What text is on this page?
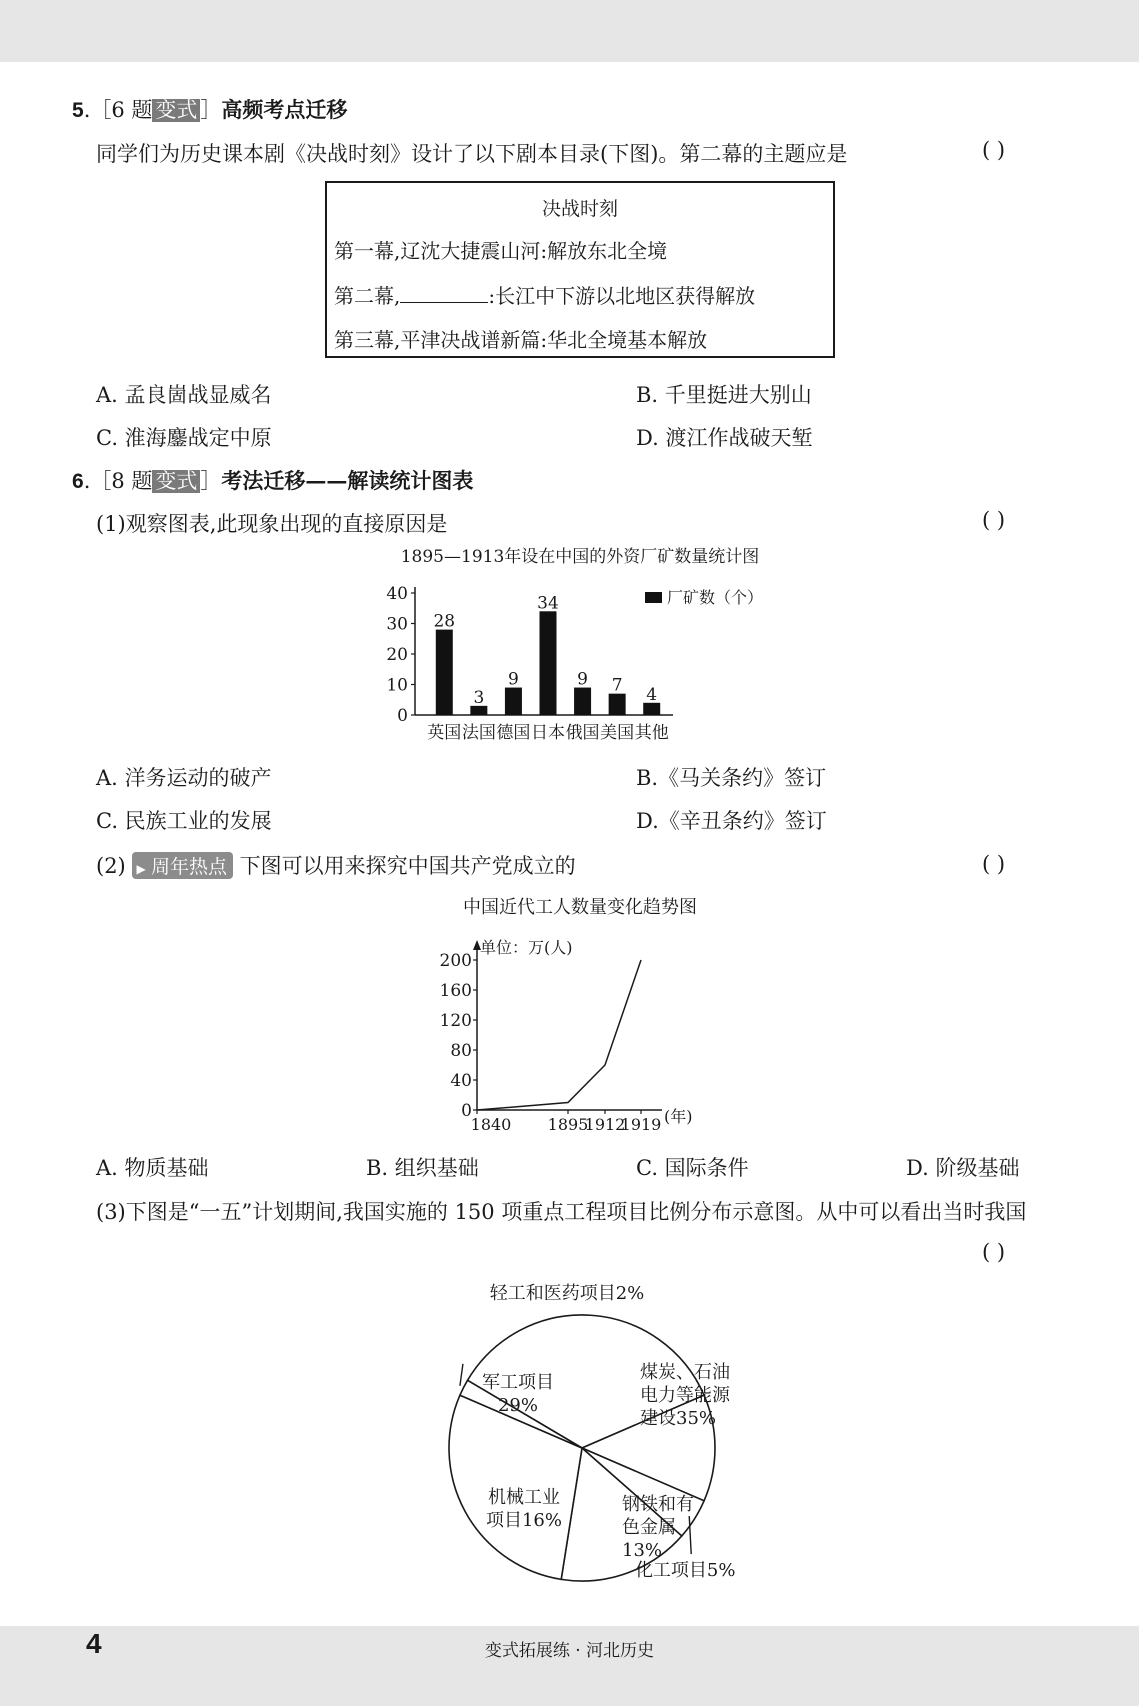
5.［6 题 变式 ］高频考点迁移
同学们为历史课本剧《决战时刻》设计了以下剧本目录(下图)。第二幕的主题应是	( )
决战时刻
第一幕,辽沈大捷震山河:解放东北全境
第二幕,	:长江中下游以北地区获得解放
第三幕,平津决战谱新篇:华北全境基本解放
A. 孟良崮战显威名	B. 千里挺进大别山
C. 淮海鏖战定中原	D. 渡江作战破天堑
6.［8 题 变式 ］考法迁移——解读统计图表
(1)观察图表,此现象出现的直接原因是	( )
1895—1913年设在中国的外资厂矿数量统计图
0
10
20
30
40
28
3
9
34
9 7 4
英国 法国 德国 日本 俄国 美国 其他
厂矿数（个）
A. 洋务运动的破产	B.《马关条约》签订
C. 民族工业的发展	D.《辛丑条约》签订
(2) ▶ 周年热点 下图可以用来探究中国共产党成立的	( )
中国近代工人数量变化趋势图
单位：万(人)
0
40
80
120
160
200
1840 1895
1912
1919 (年)
A. 物质基础	B. 组织基础	C. 国际条件	D. 阶级基础
(3)下图是“一五”计划期间,我国实施的 150 项重点工程项目比例分布示意图。从中可以看出当时我国
( )
煤炭、石油
电力等能源
建设35%
钢铁和有
色金属
13%
化工项目5%
机械工业
项目16%
军工项目
29%
轻工和医药项目2%
4	变式拓展练 · 河北历史
